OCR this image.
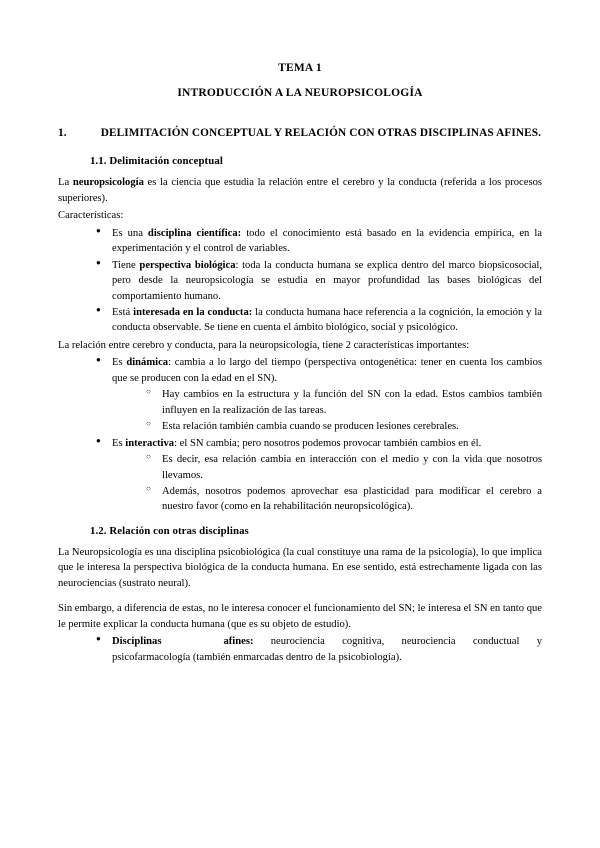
TEMA 1
INTRODUCCIÓN A LA NEUROPSICOLOGÍA
1.	DELIMITACIÓN CONCEPTUAL Y RELACIÓN CON OTRAS DISCIPLINAS AFINES.
1.1. Delimitación conceptual

La neuropsicología es la ciencia que estudia la relación entre el cerebro y la conducta (referida a los procesos superiores).

Características:

● Es una disciplina científica: todo el conocimiento está basado en la evidencia empírica, en la experimentación y el control de variables.
● Tiene perspectiva biológica: toda la conducta humana se explica dentro del marco biopsicosocial, pero desde la neuropsicología se estudia en mayor profundidad las bases biológicas del comportamiento humano.
● Está interesada en la conducta: la conducta humana hace referencia a la cognición, la emoción y la conducta observable. Se tiene en cuenta el ámbito biológico, social y psicológico.

La relación entre cerebro y conducta, para la neuropsicología, tiene 2 características importantes:

● Es dinámica: cambia a lo largo del tiempo (perspectiva ontogenética: tener en cuenta los cambios que se producen con la edad en el SN).
○ Hay cambios en la estructura y la función del SN con la edad. Estos cambios también influyen en la realización de las tareas.
○ Esta relación también cambia cuando se producen lesiones cerebrales.
● Es interactiva: el SN cambia; pero nosotros podemos provocar también cambios en él.
○ Es decir, esa relación cambia en interacción con el medio y con la vida que nosotros llevamos.
○ Además, nosotros podemos aprovechar esa plasticidad para modificar el cerebro a nuestro favor (como en la rehabilitación neuropsicológica).
1.2. Relación con otras disciplinas

La Neuropsicología es una disciplina psicobiológica (la cual constituye una rama de la psicología), lo que implica que le interesa la perspectiva biológica de la conducta humana. En ese sentido, está estrechamente ligada con las neurociencias (sustrato neural).

Sin embargo, a diferencia de estas, no le interesa conocer el funcionamiento del SN; le interesa el SN en tanto que le permite explicar la conducta humana (que es su objeto de estudio).

● Disciplinas	afines: neurociencia cognitiva, neurociencia conductual y psicofarmacología (también enmarcadas dentro de la psicobiología).
